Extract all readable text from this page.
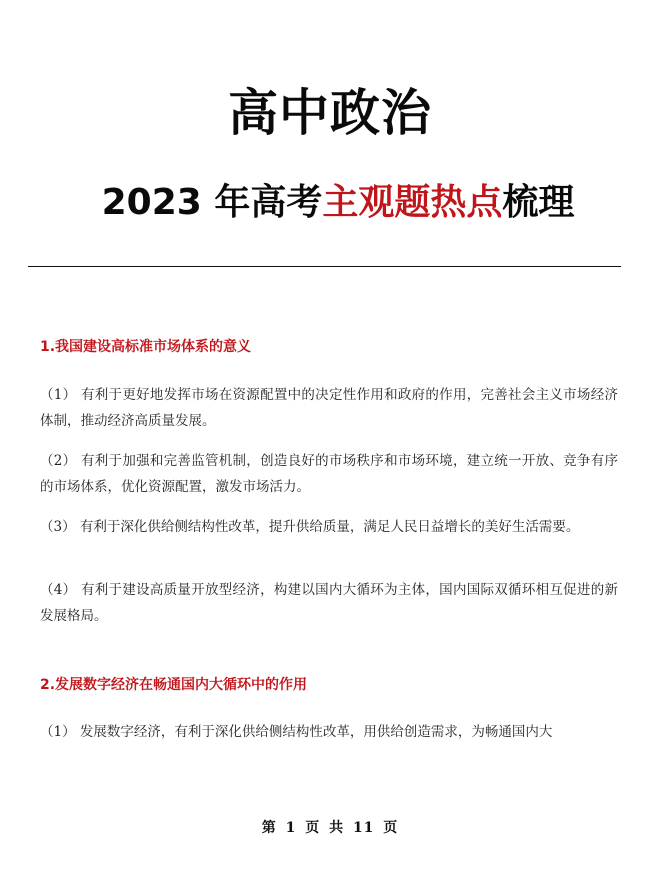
高中政治
2023 年高考主观题热点梳理
1.我国建设高标准市场体系的意义

（1） 有利于更好地发挥市场在资源配置中的决定性作用和政府的作用，完善社会主义市场经济体制，推动经济高质量发展。

（2） 有利于加强和完善监管机制，创造良好的市场秩序和市场环境，建立统一开放、竞争有序的市场体系，优化资源配置，激发市场活力。

（3） 有利于深化供给侧结构性改革，提升供给质量，满足人民日益增长的美好生活需要。

（4） 有利于建设高质量开放型经济，构建以国内大循环为主体，国内国际双循环相互促进的新发展格局。

2.发展数字经济在畅通国内大循环中的作用

（1） 发展数字经济，有利于深化供给侧结构性改革，用供给创造需求，为畅通国内大

第 1 页 共 11 页
